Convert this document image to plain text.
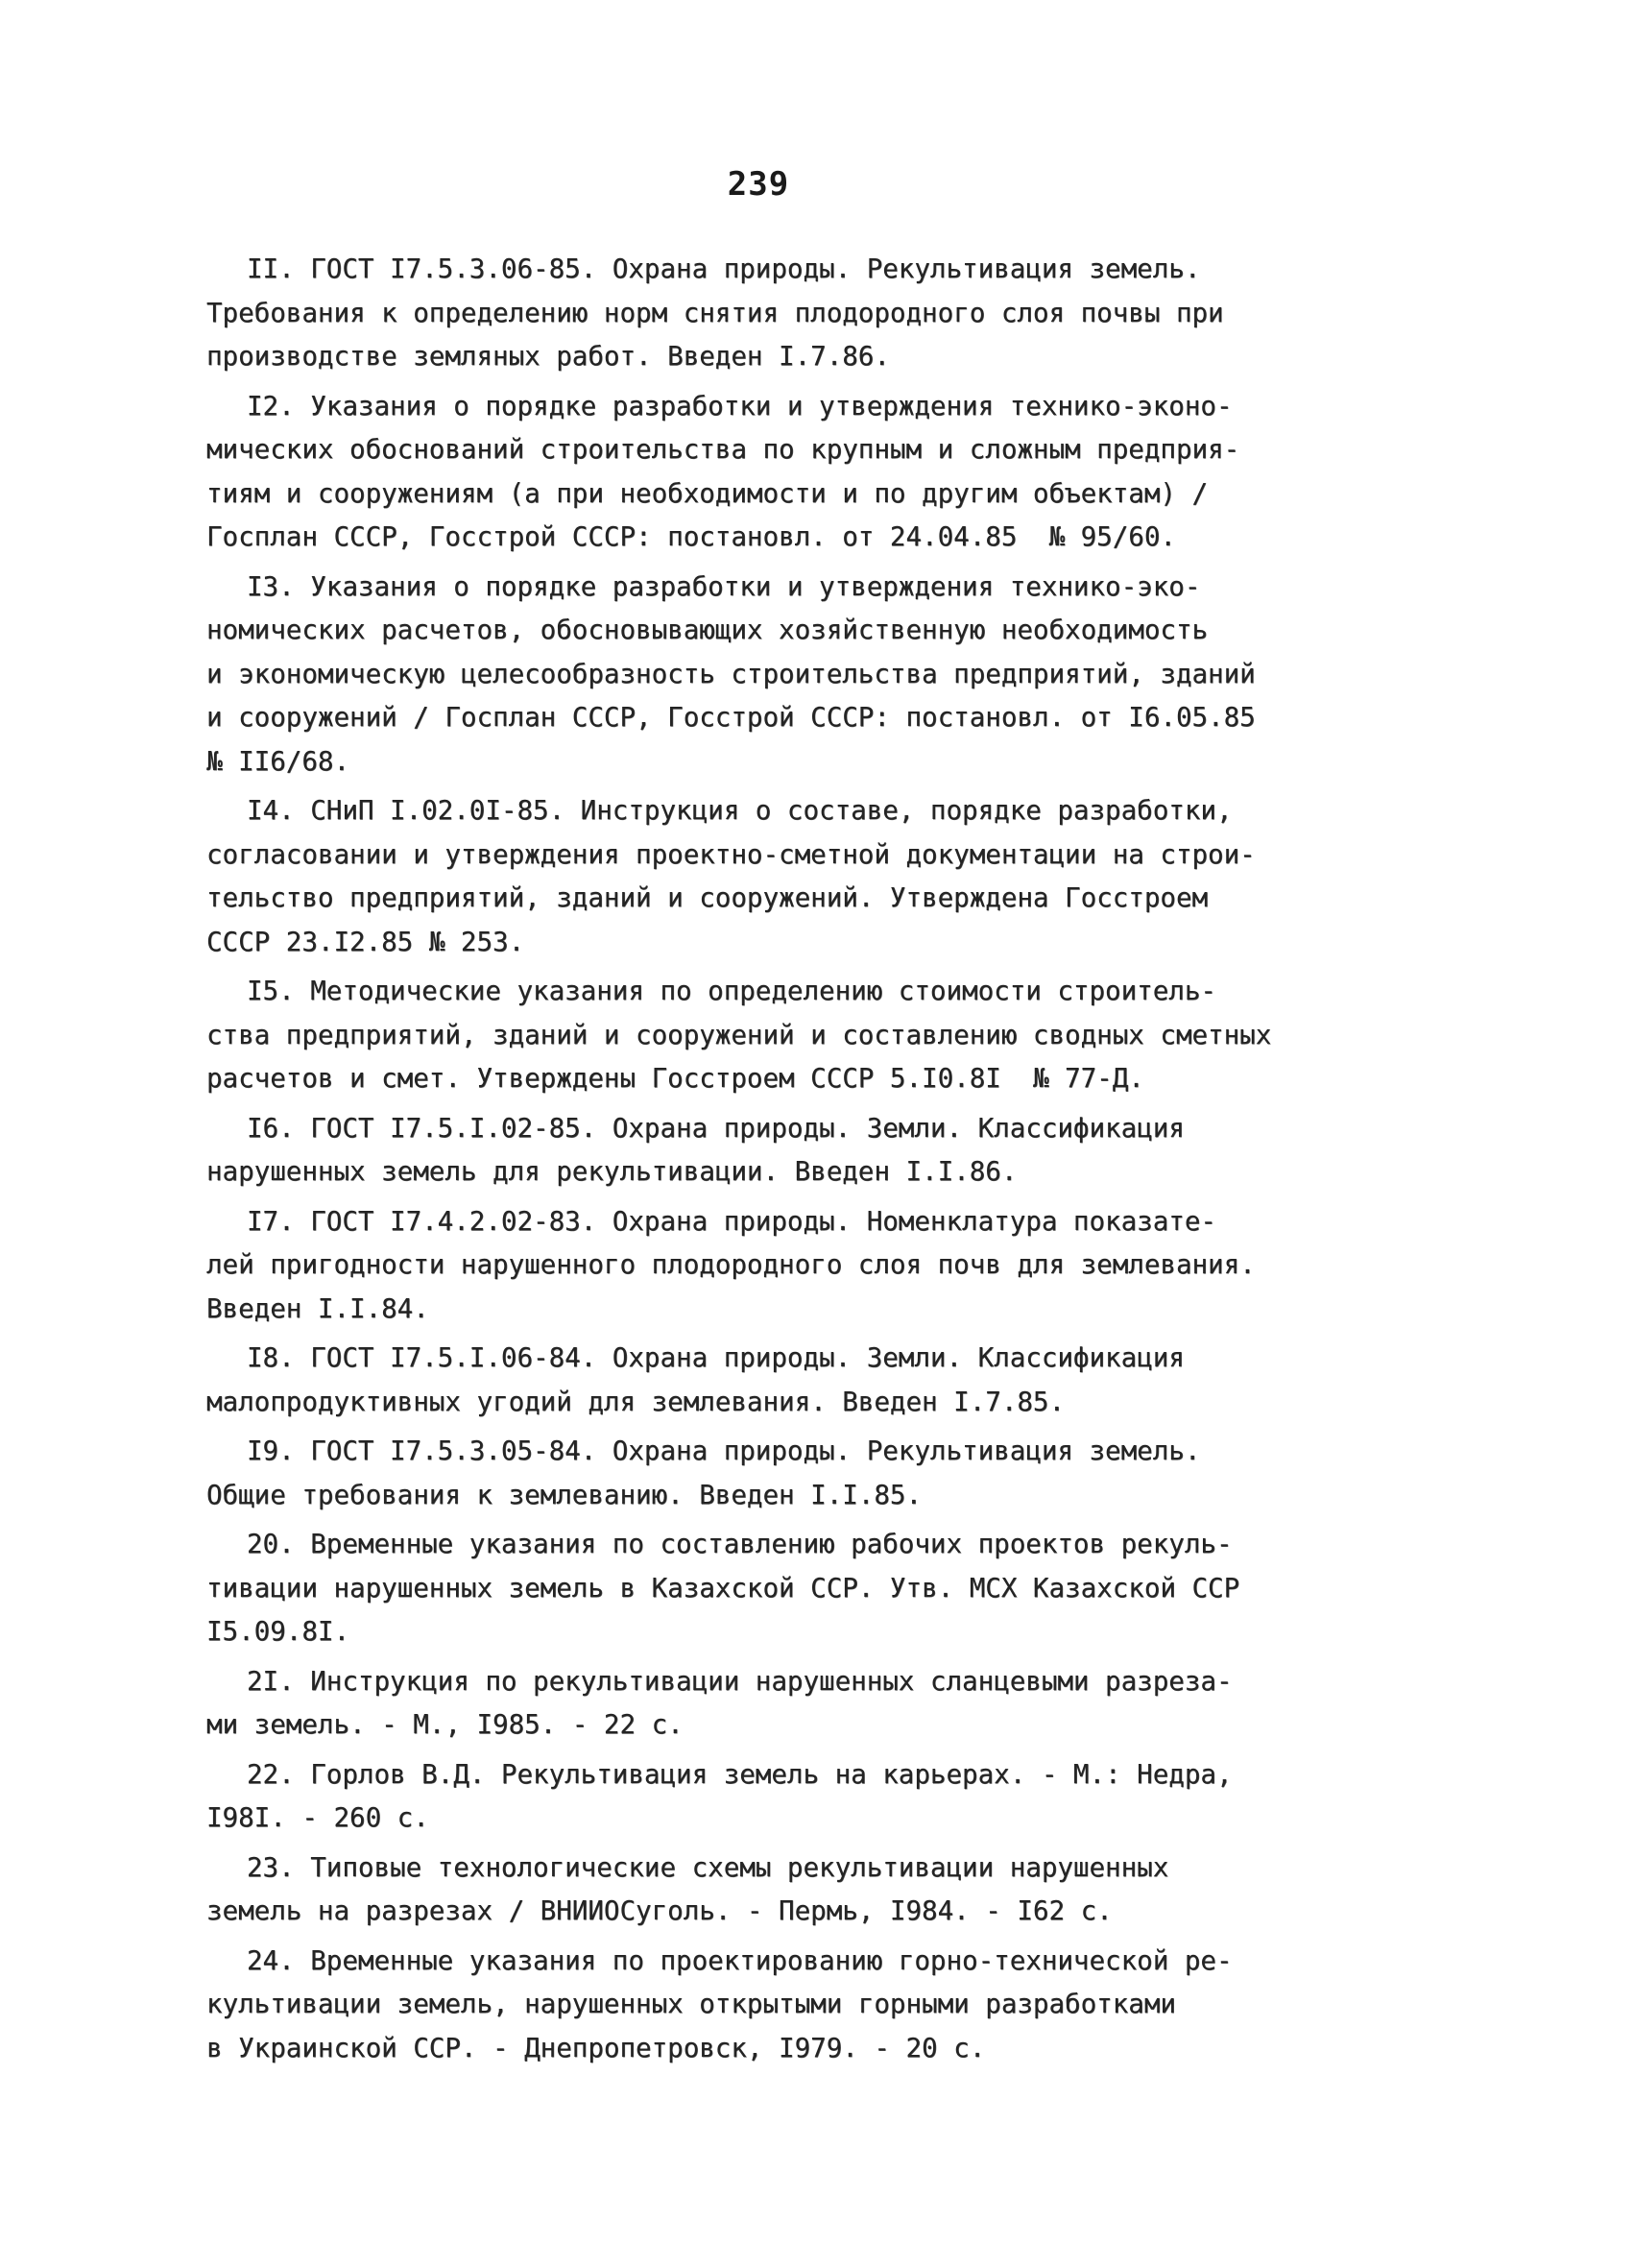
239
II. ГОСТ I7.5.3.06-85. Охрана природы. Рекультивация земель.
Требования к определению норм снятия плодородного слоя почвы при
производстве земляных работ. Введен I.7.86.
I2. Указания о порядке разработки и утверждения технико-эконо-
мических обоснований строительства по крупным и сложным предприя-
тиям и сооружениям (а при необходимости и по другим объектам) /
Госплан СССР, Госстрой СССР: постановл. от 24.04.85  № 95/60.
I3. Указания о порядке разработки и утверждения технико-эко-
номических расчетов, обосновывающих хозяйственную необходимость
и экономическую целесообразность строительства предприятий, зданий
и сооружений / Госплан СССР, Госстрой СССР: постановл. от I6.05.85
№ II6/68.
I4. СНиП I.02.0I-85. Инструкция о составе, порядке разработки,
согласовании и утверждения проектно-сметной документации на строи-
тельство предприятий, зданий и сооружений. Утверждена Госстроем
СССР 23.I2.85 № 253.
I5. Методические указания по определению стоимости строитель-
ства предприятий, зданий и сооружений и составлению сводных сметных
расчетов и смет. Утверждены Госстроем СССР 5.I0.8I  № 77-Д.
I6. ГОСТ I7.5.I.02-85. Охрана природы. Земли. Классификация
нарушенных земель для рекультивации. Введен I.I.86.
I7. ГОСТ I7.4.2.02-83. Охрана природы. Номенклатура показате-
лей пригодности нарушенного плодородного слоя почв для землевания.
Введен I.I.84.
I8. ГОСТ I7.5.I.06-84. Охрана природы. Земли. Классификация
малопродуктивных угодий для землевания. Введен I.7.85.
I9. ГОСТ I7.5.3.05-84. Охрана природы. Рекультивация земель.
Общие требования к землеванию. Введен I.I.85.
20. Временные указания по составлению рабочих проектов рекуль-
тивации нарушенных земель в Казахской ССР. Утв. МСХ Казахской ССР
I5.09.8I.
2I. Инструкция по рекультивации нарушенных сланцевыми разреза-
ми земель. - М., I985. - 22 с.
22. Горлов В.Д. Рекультивация земель на карьерах. - М.: Недра,
I98I. - 260 с.
23. Типовые технологические схемы рекультивации нарушенных
земель на разрезах / ВНИИОСуголь. - Пермь, I984. - I62 с.
24. Временные указания по проектированию горно-технической ре-
культивации земель, нарушенных открытыми горными разработками
в Украинской ССР. - Днепропетровск, I979. - 20 с.
